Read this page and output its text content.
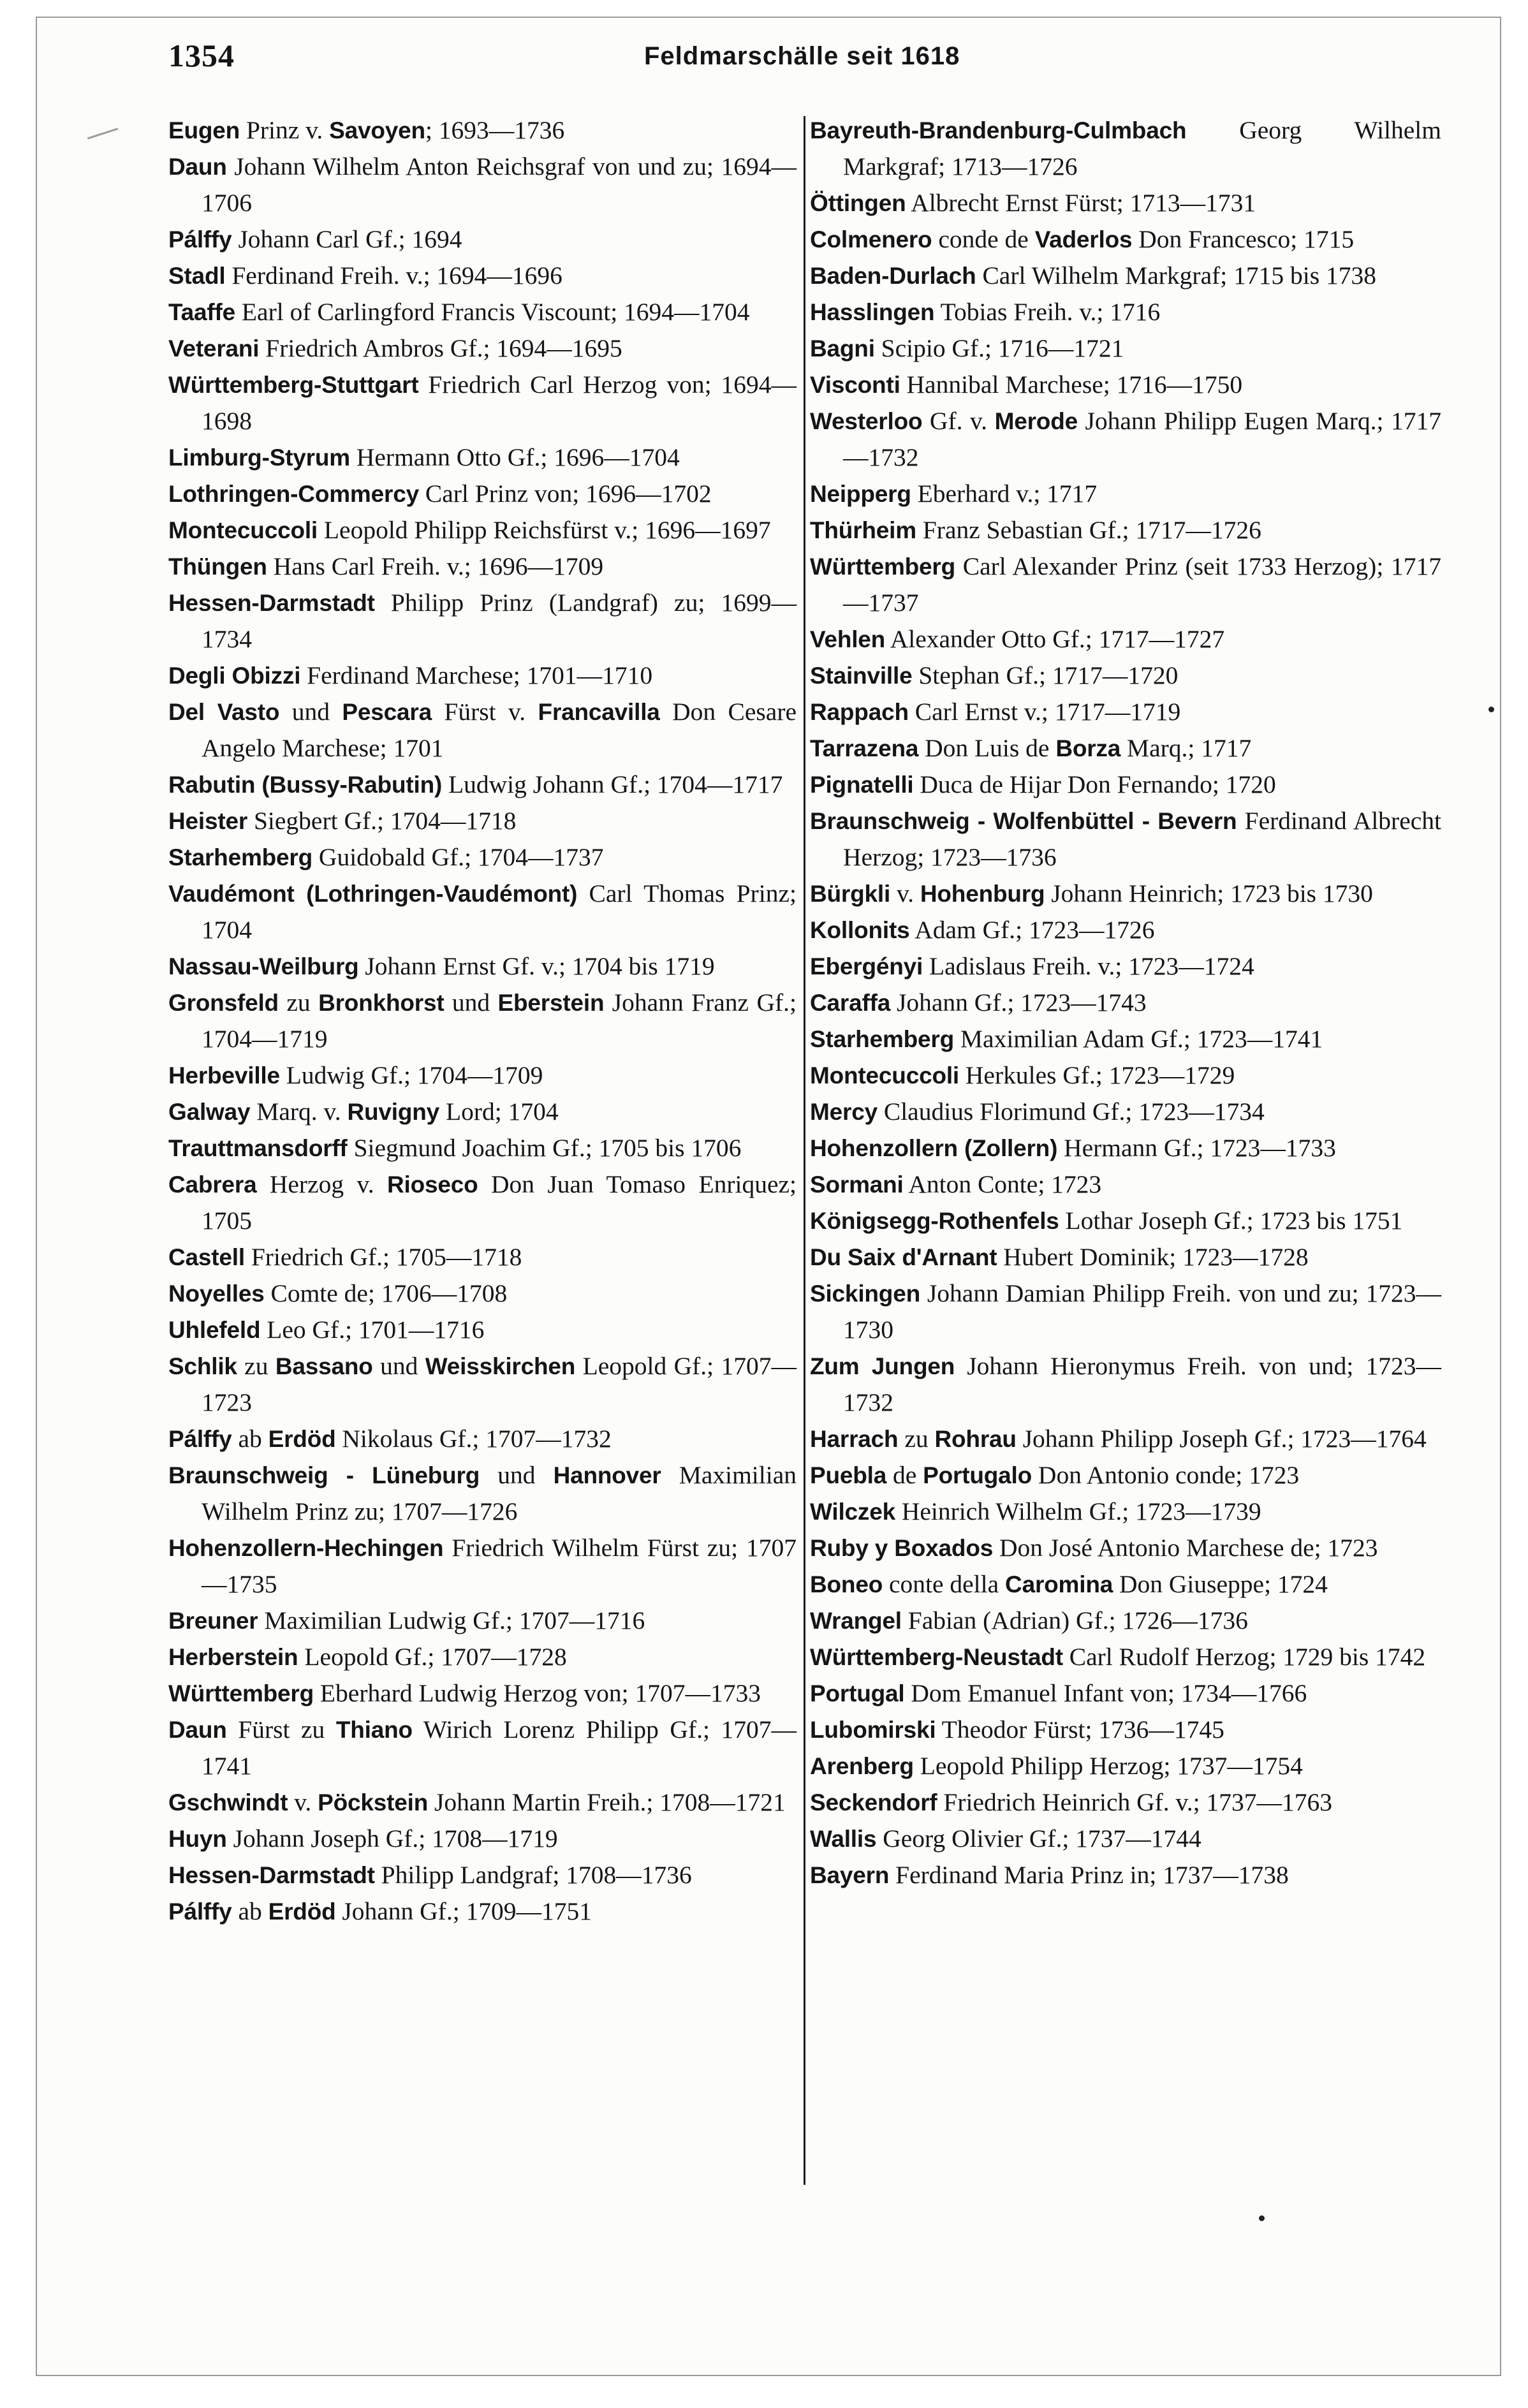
1354	Feldmarschälle seit 1618

Eugen Prinz v. Savoyen; 1693—1736

Daun Johann Wilhelm Anton Reichsgraf von und zu; 1694—1706

Pálffy Johann Carl Gf.; 1694

Stadl Ferdinand Freih. v.; 1694—1696

Taaffe Earl of Carlingford Francis Viscount; 1694—1704

Veterani Friedrich Ambros Gf.; 1694—1695

Württemberg-Stuttgart Friedrich Carl Herzog von; 1694—1698

Limburg-Styrum Hermann Otto Gf.; 1696—1704

Lothringen-Commercy Carl Prinz von; 1696—1702

Montecuccoli Leopold Philipp Reichsfürst v.; 1696—1697

Thüngen Hans Carl Freih. v.; 1696—1709

Hessen-Darmstadt Philipp Prinz (Landgraf) zu; 1699—1734

Degli Obizzi Ferdinand Marchese; 1701—1710

Del Vasto und Pescara Fürst v. Francavilla Don Cesare Angelo Marchese; 1701

Rabutin (Bussy-Rabutin) Ludwig Johann Gf.; 1704—1717

Heister Siegbert Gf.; 1704—1718

Starhemberg Guidobald Gf.; 1704—1737

Vaudémont (Lothringen-Vaudémont) Carl Thomas Prinz; 1704

Nassau-Weilburg Johann Ernst Gf. v.; 1704 bis 1719

Gronsfeld zu Bronkhorst und Eberstein Johann Franz Gf.; 1704—1719

Herbeville Ludwig Gf.; 1704—1709

Galway Marq. v. Ruvigny Lord; 1704

Trauttmansdorff Siegmund Joachim Gf.; 1705 bis 1706

Cabrera Herzog v. Rioseco Don Juan Tomaso Enriquez; 1705

Castell Friedrich Gf.; 1705—1718

Noyelles Comte de; 1706—1708

Uhlefeld Leo Gf.; 1701—1716

Schlik zu Bassano und Weisskirchen Leopold Gf.; 1707—1723

Pálffy ab Erdöd Nikolaus Gf.; 1707—1732

Braunschweig - Lüneburg und Hannover Maximilian Wilhelm Prinz zu; 1707—1726

Hohenzollern-Hechingen Friedrich Wilhelm Fürst zu; 1707—1735

Breuner Maximilian Ludwig Gf.; 1707—1716

Herberstein Leopold Gf.; 1707—1728

Württemberg Eberhard Ludwig Herzog von; 1707—1733

Daun Fürst zu Thiano Wirich Lorenz Philipp Gf.; 1707—1741

Gschwindt v. Pöckstein Johann Martin Freih.; 1708—1721

Huyn Johann Joseph Gf.; 1708—1719

Hessen-Darmstadt Philipp Landgraf; 1708—1736

Pálffy ab Erdöd Johann Gf.; 1709—1751

Bayreuth-Brandenburg-Culmbach Georg Wilhelm Markgraf; 1713—1726

Öttingen Albrecht Ernst Fürst; 1713—1731

Colmenero conde de Vaderlos Don Francesco; 1715

Baden-Durlach Carl Wilhelm Markgraf; 1715 bis 1738

Hasslingen Tobias Freih. v.; 1716

Bagni Scipio Gf.; 1716—1721

Visconti Hannibal Marchese; 1716—1750

Westerloo Gf. v. Merode Johann Philipp Eugen Marq.; 1717—1732

Neipperg Eberhard v.; 1717

Thürheim Franz Sebastian Gf.; 1717—1726

Württemberg Carl Alexander Prinz (seit 1733 Herzog); 1717—1737

Vehlen Alexander Otto Gf.; 1717—1727

Stainville Stephan Gf.; 1717—1720

Rappach Carl Ernst v.; 1717—1719

Tarrazena Don Luis de Borza Marq.; 1717

Pignatelli Duca de Hijar Don Fernando; 1720

Braunschweig - Wolfenbüttel - Bevern Ferdinand Albrecht Herzog; 1723—1736

Bürgkli v. Hohenburg Johann Heinrich; 1723 bis 1730

Kollonits Adam Gf.; 1723—1726

Ebergényi Ladislaus Freih. v.; 1723—1724

Caraffa Johann Gf.; 1723—1743

Starhemberg Maximilian Adam Gf.; 1723—1741

Montecuccoli Herkules Gf.; 1723—1729

Mercy Claudius Florimund Gf.; 1723—1734

Hohenzollern (Zollern) Hermann Gf.; 1723—1733

Sormani Anton Conte; 1723

Königsegg-Rothenfels Lothar Joseph Gf.; 1723 bis 1751

Du Saix d'Arnant Hubert Dominik; 1723—1728

Sickingen Johann Damian Philipp Freih. von und zu; 1723—1730

Zum Jungen Johann Hieronymus Freih. von und; 1723—1732

Harrach zu Rohrau Johann Philipp Joseph Gf.; 1723—1764

Puebla de Portugalo Don Antonio conde; 1723

Wilczek Heinrich Wilhelm Gf.; 1723—1739

Ruby y Boxados Don José Antonio Marchese de; 1723

Boneo conte della Caromina Don Giuseppe; 1724

Wrangel Fabian (Adrian) Gf.; 1726—1736

Württemberg-Neustadt Carl Rudolf Herzog; 1729 bis 1742

Portugal Dom Emanuel Infant von; 1734—1766

Lubomirski Theodor Fürst; 1736—1745

Arenberg Leopold Philipp Herzog; 1737—1754

Seckendorf Friedrich Heinrich Gf. v.; 1737—1763

Wallis Georg Olivier Gf.; 1737—1744

Bayern Ferdinand Maria Prinz in; 1737—1738
